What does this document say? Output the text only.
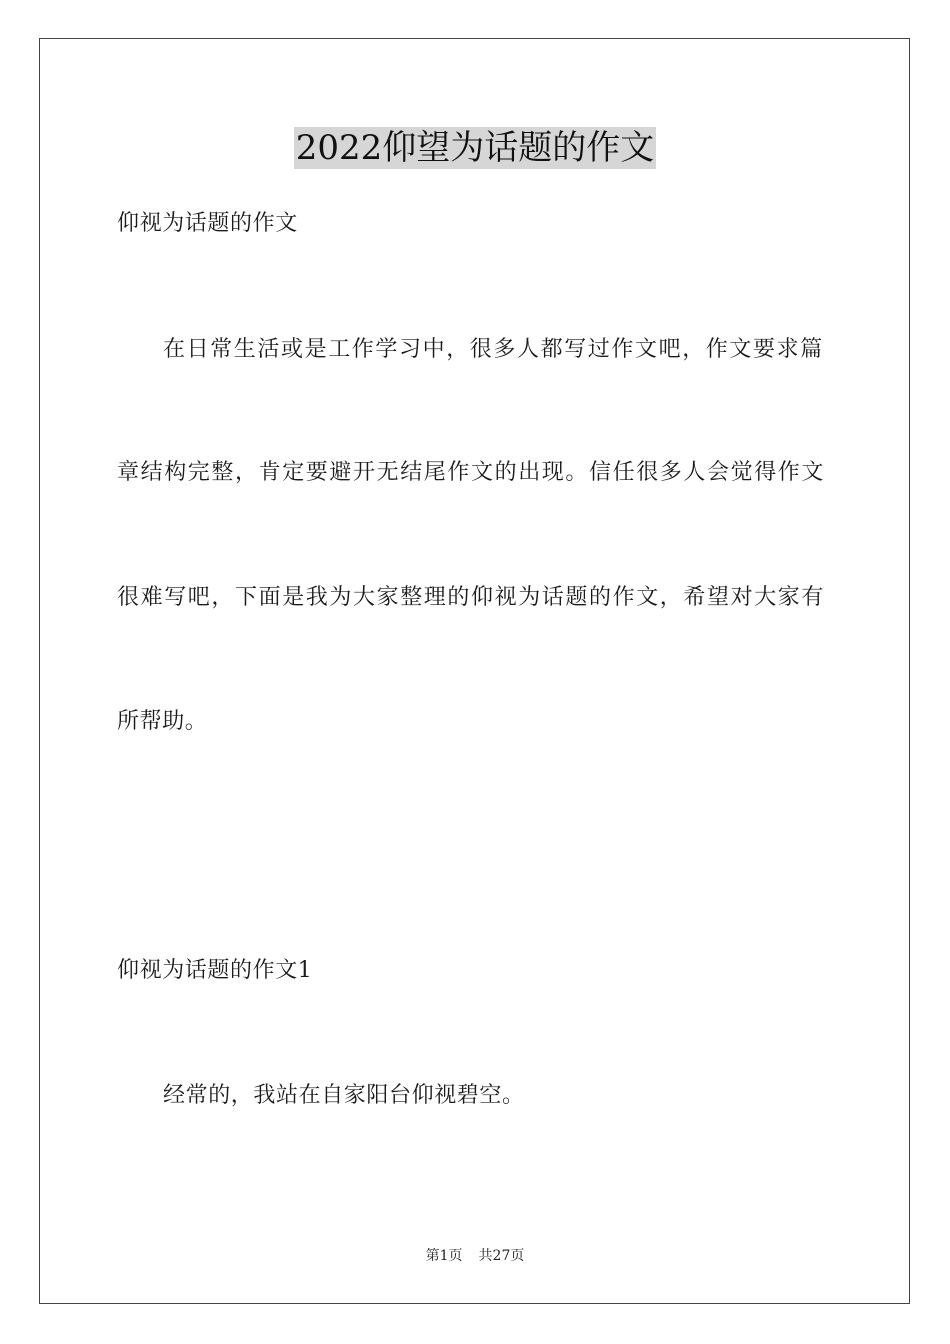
2022仰望为话题的作文
仰视为话题的作文
在日常生活或是工作学习中，很多人都写过作文吧，作文要求篇
章结构完整，肯定要避开无结尾作文的出现。信任很多人会觉得作文
很难写吧，下面是我为大家整理的仰视为话题的作文，希望对大家有
所帮助。
仰视为话题的作文1
经常的，我站在自家阳台仰视碧空。
第1页 共27页
